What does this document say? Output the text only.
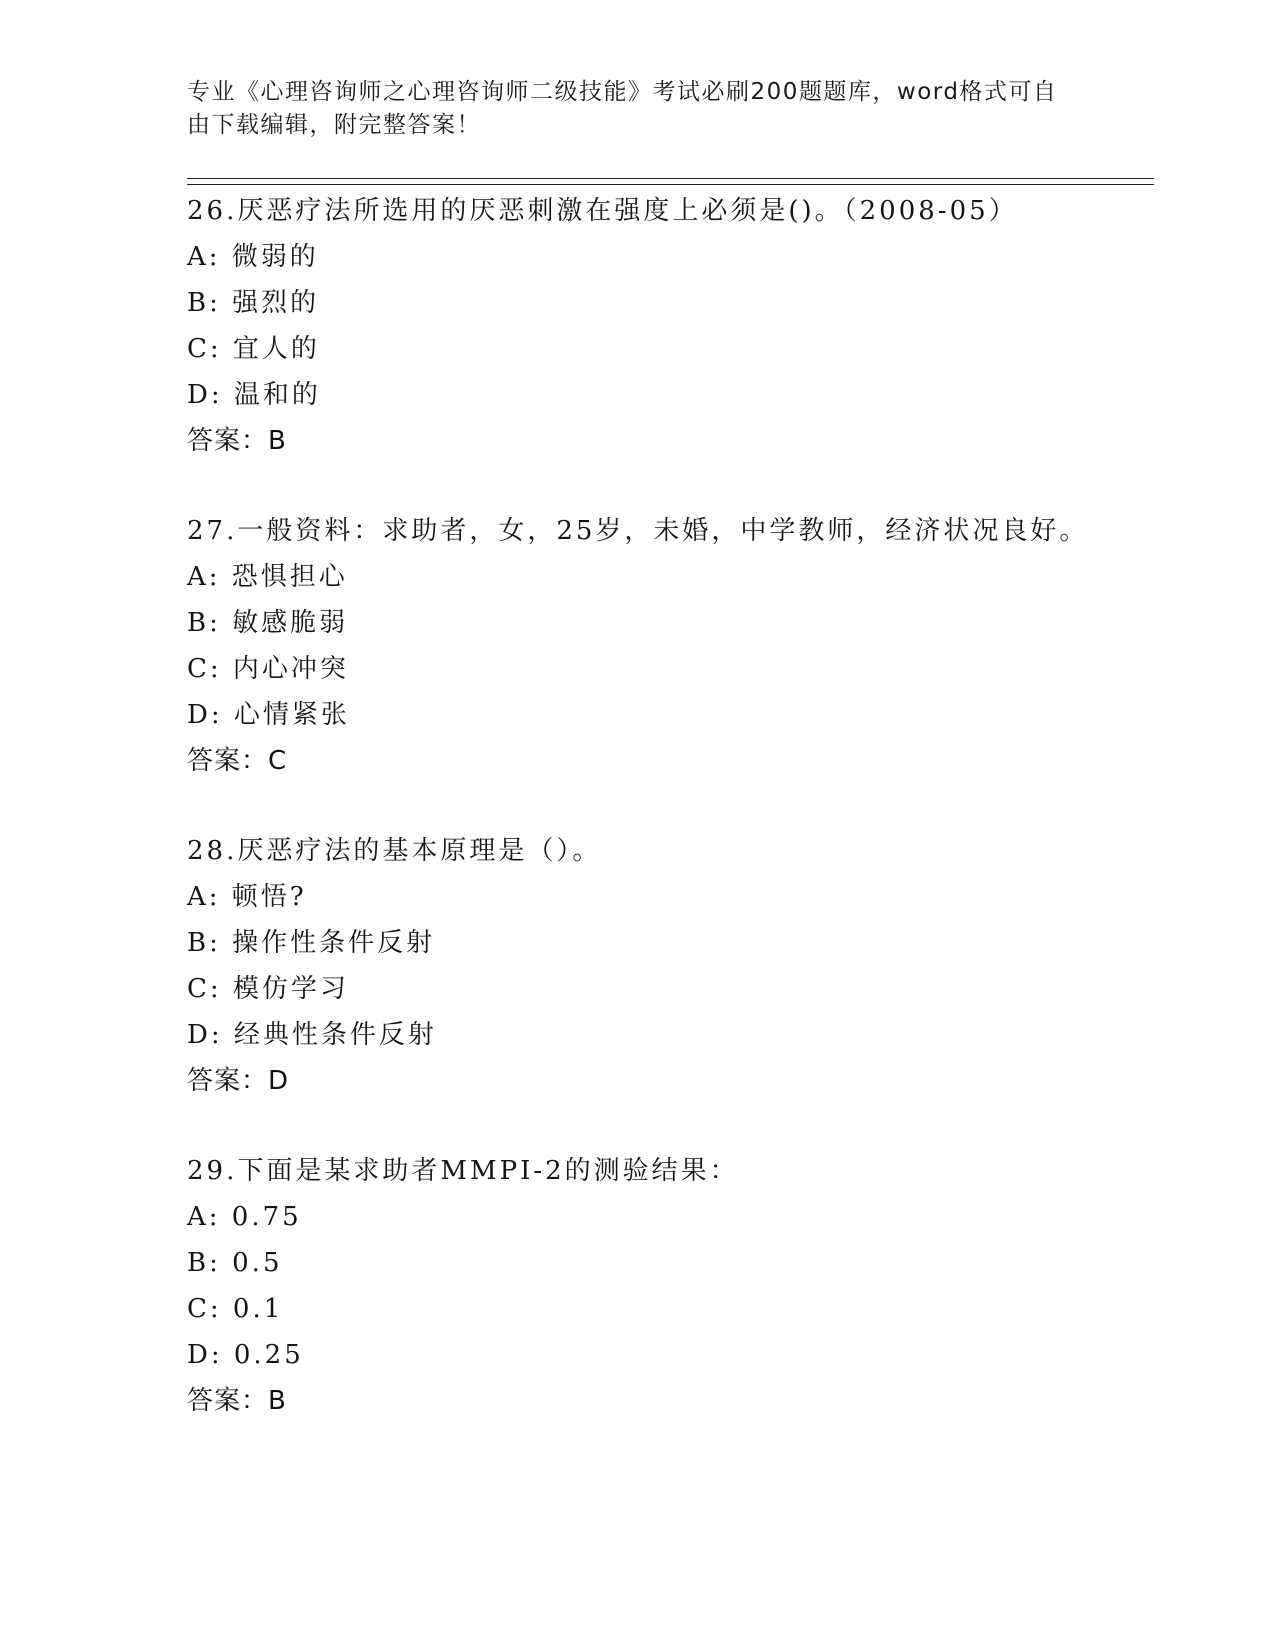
专业《心理咨询师之心理咨询师二级技能》考试必刷200题题库，word格式可自
由下载编辑，附完整答案！
26.厌恶疗法所选用的厌恶刺激在强度上必须是()。（2008-05）
A: 微弱的
B: 强烈的
C: 宜人的
D: 温和的
答案：B
27.一般资料：求助者，女，25岁，未婚，中学教师，经济状况良好。
A: 恐惧担心
B: 敏感脆弱
C: 内心冲突
D: 心情紧张
答案：C
28.厌恶疗法的基本原理是（）。
A: 顿悟?
B: 操作性条件反射
C: 模仿学习
D: 经典性条件反射
答案：D
29.下面是某求助者MMPI-2的测验结果：
A: 0.75
B: 0.5
C: 0.1
D: 0.25
答案：B
